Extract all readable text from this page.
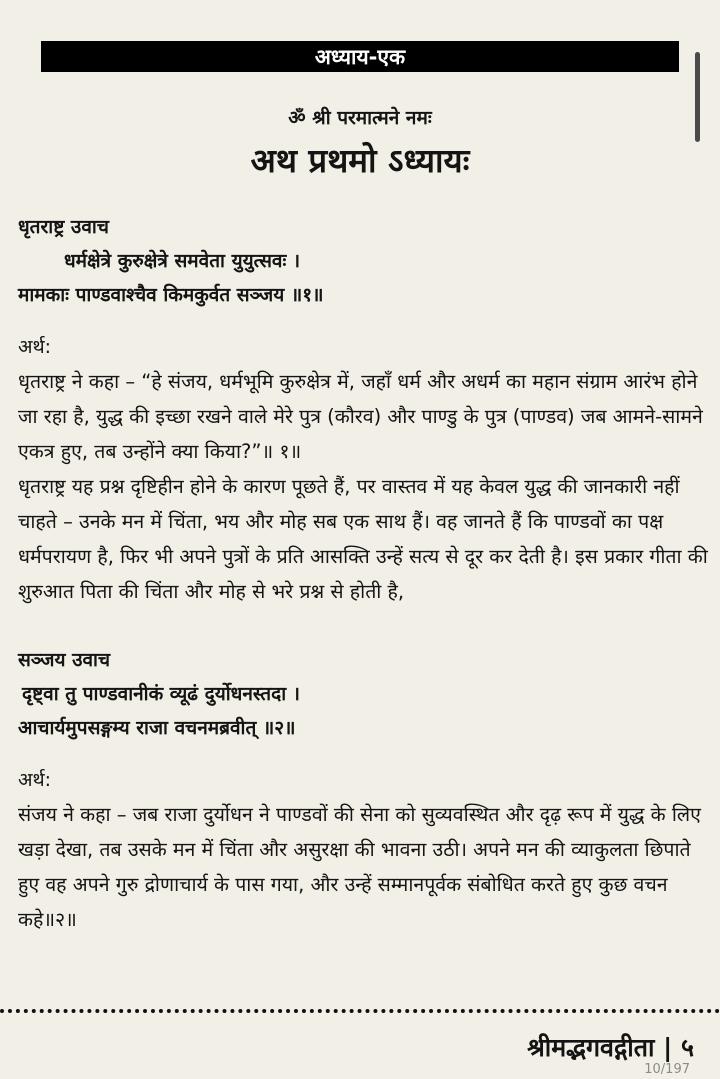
अध्याय-एक
ॐ श्री परमात्मने नमः
अथ प्रथमो ऽध्यायः
धृतराष्ट्र उवाच
धर्मक्षेत्रे कुरुक्षेत्रे समवेता युयुत्सवः ।
मामकाः पाण्डवाश्चैव किमकुर्वत सञ्जय ॥१॥
अर्थ:

धृतराष्ट्र ने कहा – “हे संजय, धर्मभूमि कुरुक्षेत्र में, जहाँ धर्म और अधर्म का महान संग्राम आरंभ होने जा रहा है, युद्ध की इच्छा रखने वाले मेरे पुत्र (कौरव) और पाण्डु के पुत्र (पाण्डव) जब आमने-सामने एकत्र हुए, तब उन्होंने क्या किया?”॥ १॥

धृतराष्ट्र यह प्रश्न दृष्टिहीन होने के कारण पूछते हैं, पर वास्तव में यह केवल युद्ध की जानकारी नहीं चाहते – उनके मन में चिंता, भय और मोह सब एक साथ हैं। वह जानते हैं कि पाण्डवों का पक्ष धर्मपरायण है, फिर भी अपने पुत्रों के प्रति आसक्ति उन्हें सत्य से दूर कर देती है। इस प्रकार गीता की शुरुआत पिता की चिंता और मोह से भरे प्रश्न से होती है,

सञ्जय उवाच
दृष्ट्वा तु पाण्डवानीकं व्यूढं दुर्योधनस्तदा ।
आचार्यमुपसङ्गम्य राजा वचनमब्रवीत् ॥२॥
अर्थ:

संजय ने कहा – जब राजा दुर्योधन ने पाण्डवों की सेना को सुव्यवस्थित और दृढ़ रूप में युद्ध के लिए खड़ा देखा, तब उसके मन में चिंता और असुरक्षा की भावना उठी। अपने मन की व्याकुलता छिपाते हुए वह अपने गुरु द्रोणाचार्य के पास गया, और उन्हें सम्मानपूर्वक संबोधित करते हुए कुछ वचन कहे॥२॥

श्रीमद्भगवद्गीता | ५
10/197
